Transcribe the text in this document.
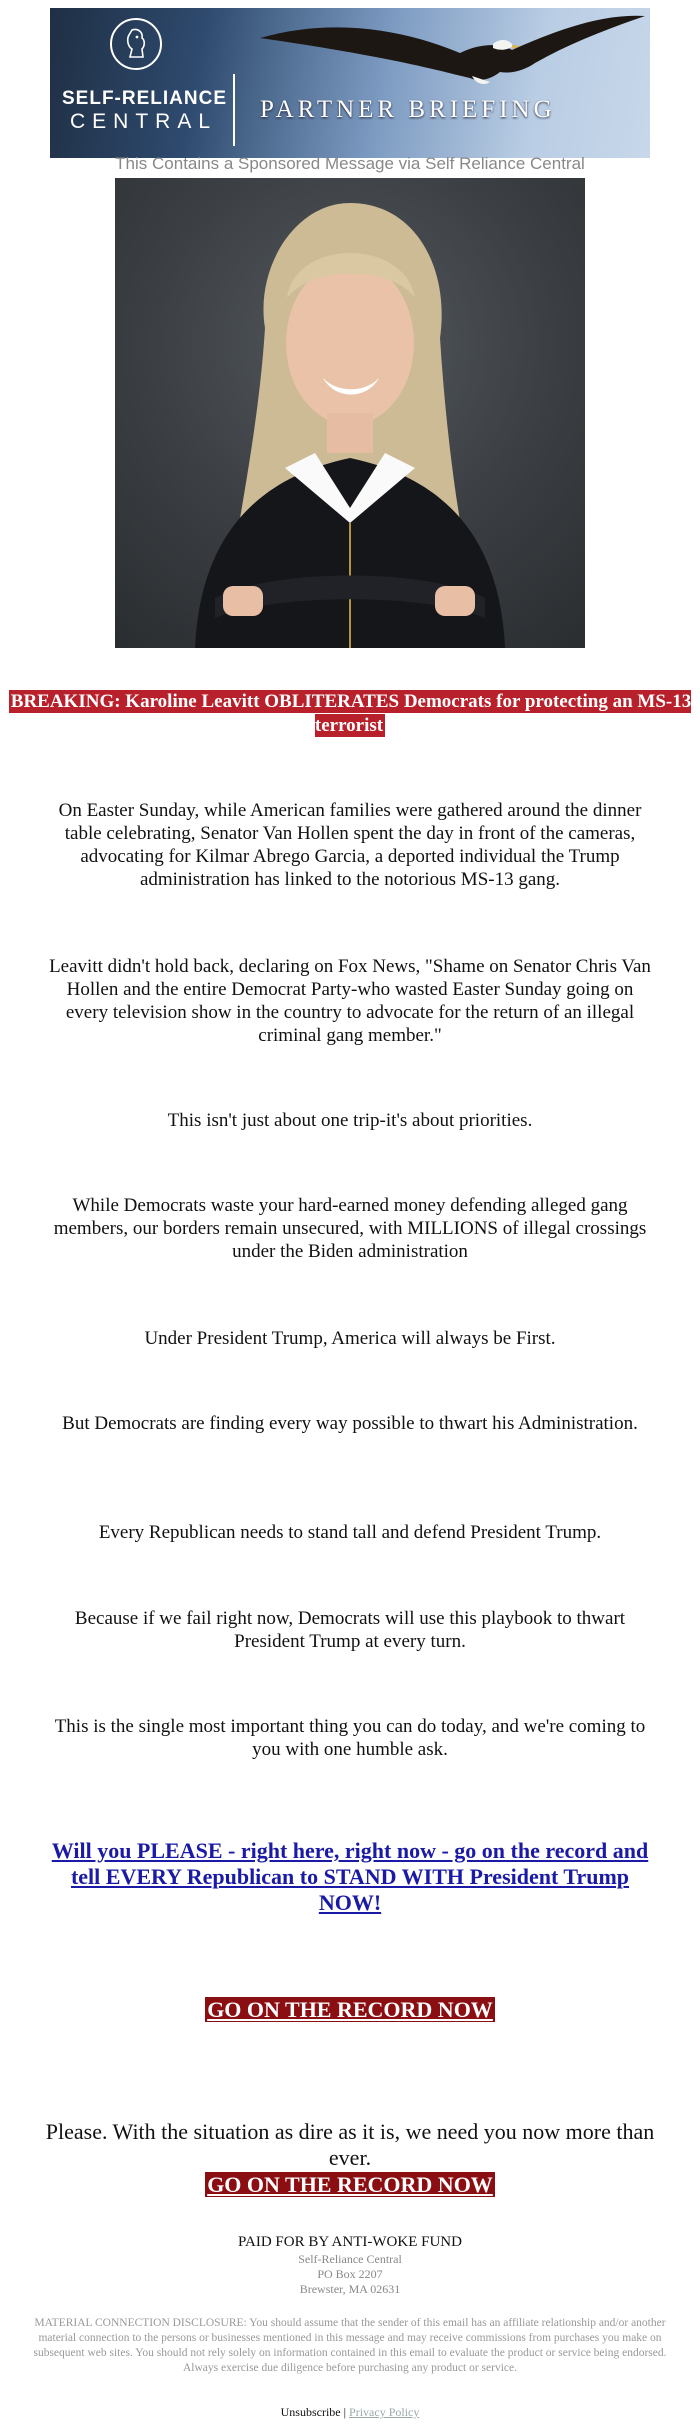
SELF-RELIANCE
CENTRAL PARTNER BRIEFING
This Contains a Sponsored Message via Self Reliance Central
BREAKING: Karoline Leavitt OBLITERATES Democrats for protecting an MS-13 terrorist
On Easter Sunday, while American families were gathered around the dinner table celebrating, Senator Van Hollen spent the day in front of the cameras, advocating for Kilmar Abrego Garcia, a deported individual the Trump administration has linked to the notorious MS-13 gang.
Leavitt didn't hold back, declaring on Fox News, "Shame on Senator Chris Van Hollen and the entire Democrat Party-who wasted Easter Sunday going on every television show in the country to advocate for the return of an illegal criminal gang member."
This isn't just about one trip-it's about priorities.
While Democrats waste your hard-earned money defending alleged gang members, our borders remain unsecured, with MILLIONS of illegal crossings under the Biden administration
Under President Trump, America will always be First.
But Democrats are finding every way possible to thwart his Administration.
Every Republican needs to stand tall and defend President Trump.
Because if we fail right now, Democrats will use this playbook to thwart President Trump at every turn.
This is the single most important thing you can do today, and we're coming to you with one humble ask.
Will you PLEASE - right here, right now - go on the record and tell EVERY Republican to STAND WITH President Trump NOW!
GO ON THE RECORD NOW
Please. With the situation as dire as it is, we need you now more than ever.
GO ON THE RECORD NOW
PAID FOR BY ANTI-WOKE FUND
Self-Reliance Central
PO Box 2207
Brewster, MA 02631
MATERIAL CONNECTION DISCLOSURE: You should assume that the sender of this email has an affiliate relationship and/or another material connection to the persons or businesses mentioned in this message and may receive commissions from purchases you make on subsequent web sites. You should not rely solely on information contained in this email to evaluate the product or service being endorsed. Always exercise due diligence before purchasing any product or service.
Unsubscribe | Privacy Policy
